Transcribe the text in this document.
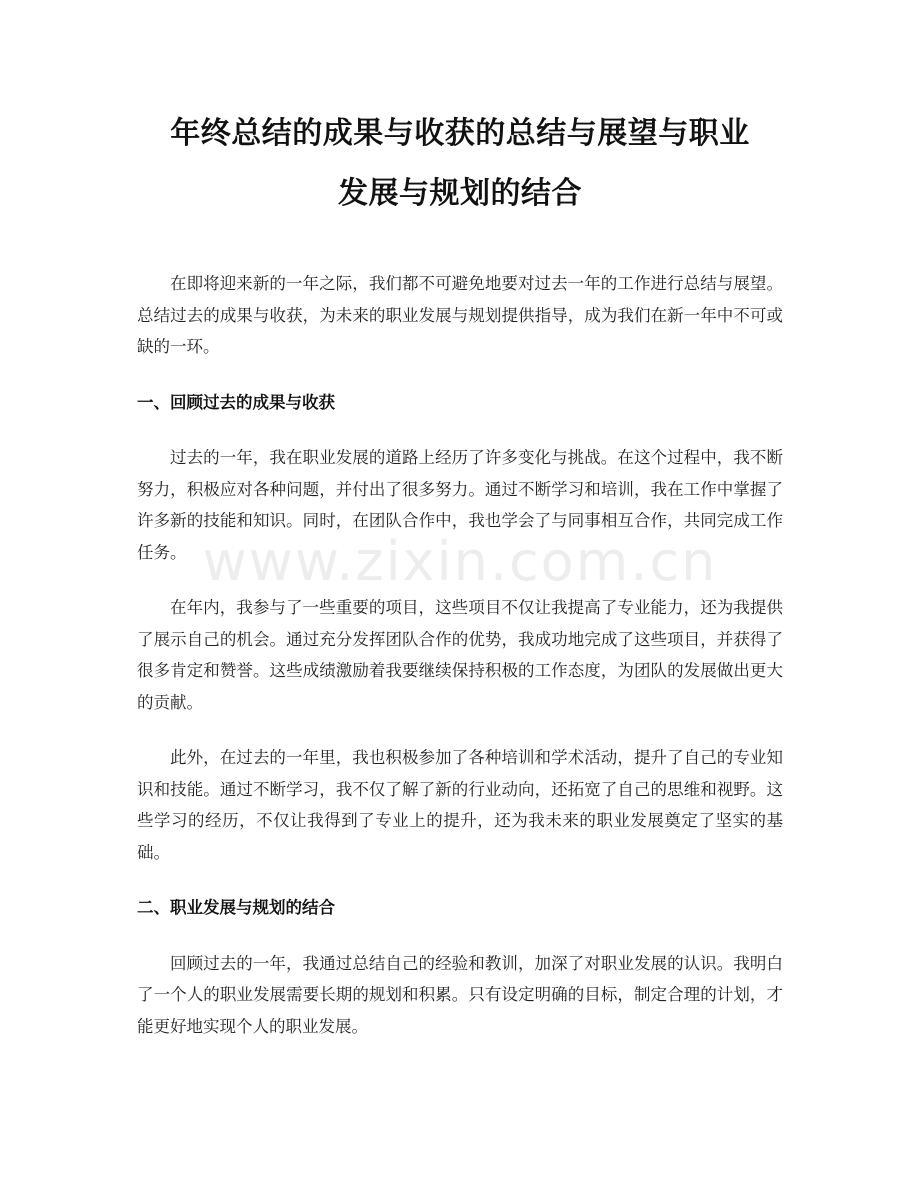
年终总结的成果与收获的总结与展望与职业
发展与规划的结合

在即将迎来新的一年之际，我们都不可避免地要对过去一年的工作进行总结与展望。总结过去的成果与收获，为未来的职业发展与规划提供指导，成为我们在新一年中不可或缺的一环。

一、回顾过去的成果与收获

过去的一年，我在职业发展的道路上经历了许多变化与挑战。在这个过程中，我不断努力，积极应对各种问题，并付出了很多努力。通过不断学习和培训，我在工作中掌握了许多新的技能和知识。同时，在团队合作中，我也学会了与同事相互合作，共同完成工作任务。

在年内，我参与了一些重要的项目，这些项目不仅让我提高了专业能力，还为我提供了展示自己的机会。通过充分发挥团队合作的优势，我成功地完成了这些项目，并获得了很多肯定和赞誉。这些成绩激励着我要继续保持积极的工作态度，为团队的发展做出更大的贡献。

此外，在过去的一年里，我也积极参加了各种培训和学术活动，提升了自己的专业知识和技能。通过不断学习，我不仅了解了新的行业动向，还拓宽了自己的思维和视野。这些学习的经历，不仅让我得到了专业上的提升，还为我未来的职业发展奠定了坚实的基础。

二、职业发展与规划的结合

回顾过去的一年，我通过总结自己的经验和教训，加深了对职业发展的认识。我明白了一个人的职业发展需要长期的规划和积累。只有设定明确的目标，制定合理的计划，才能更好地实现个人的职业发展。

www.zixin.com.cn
